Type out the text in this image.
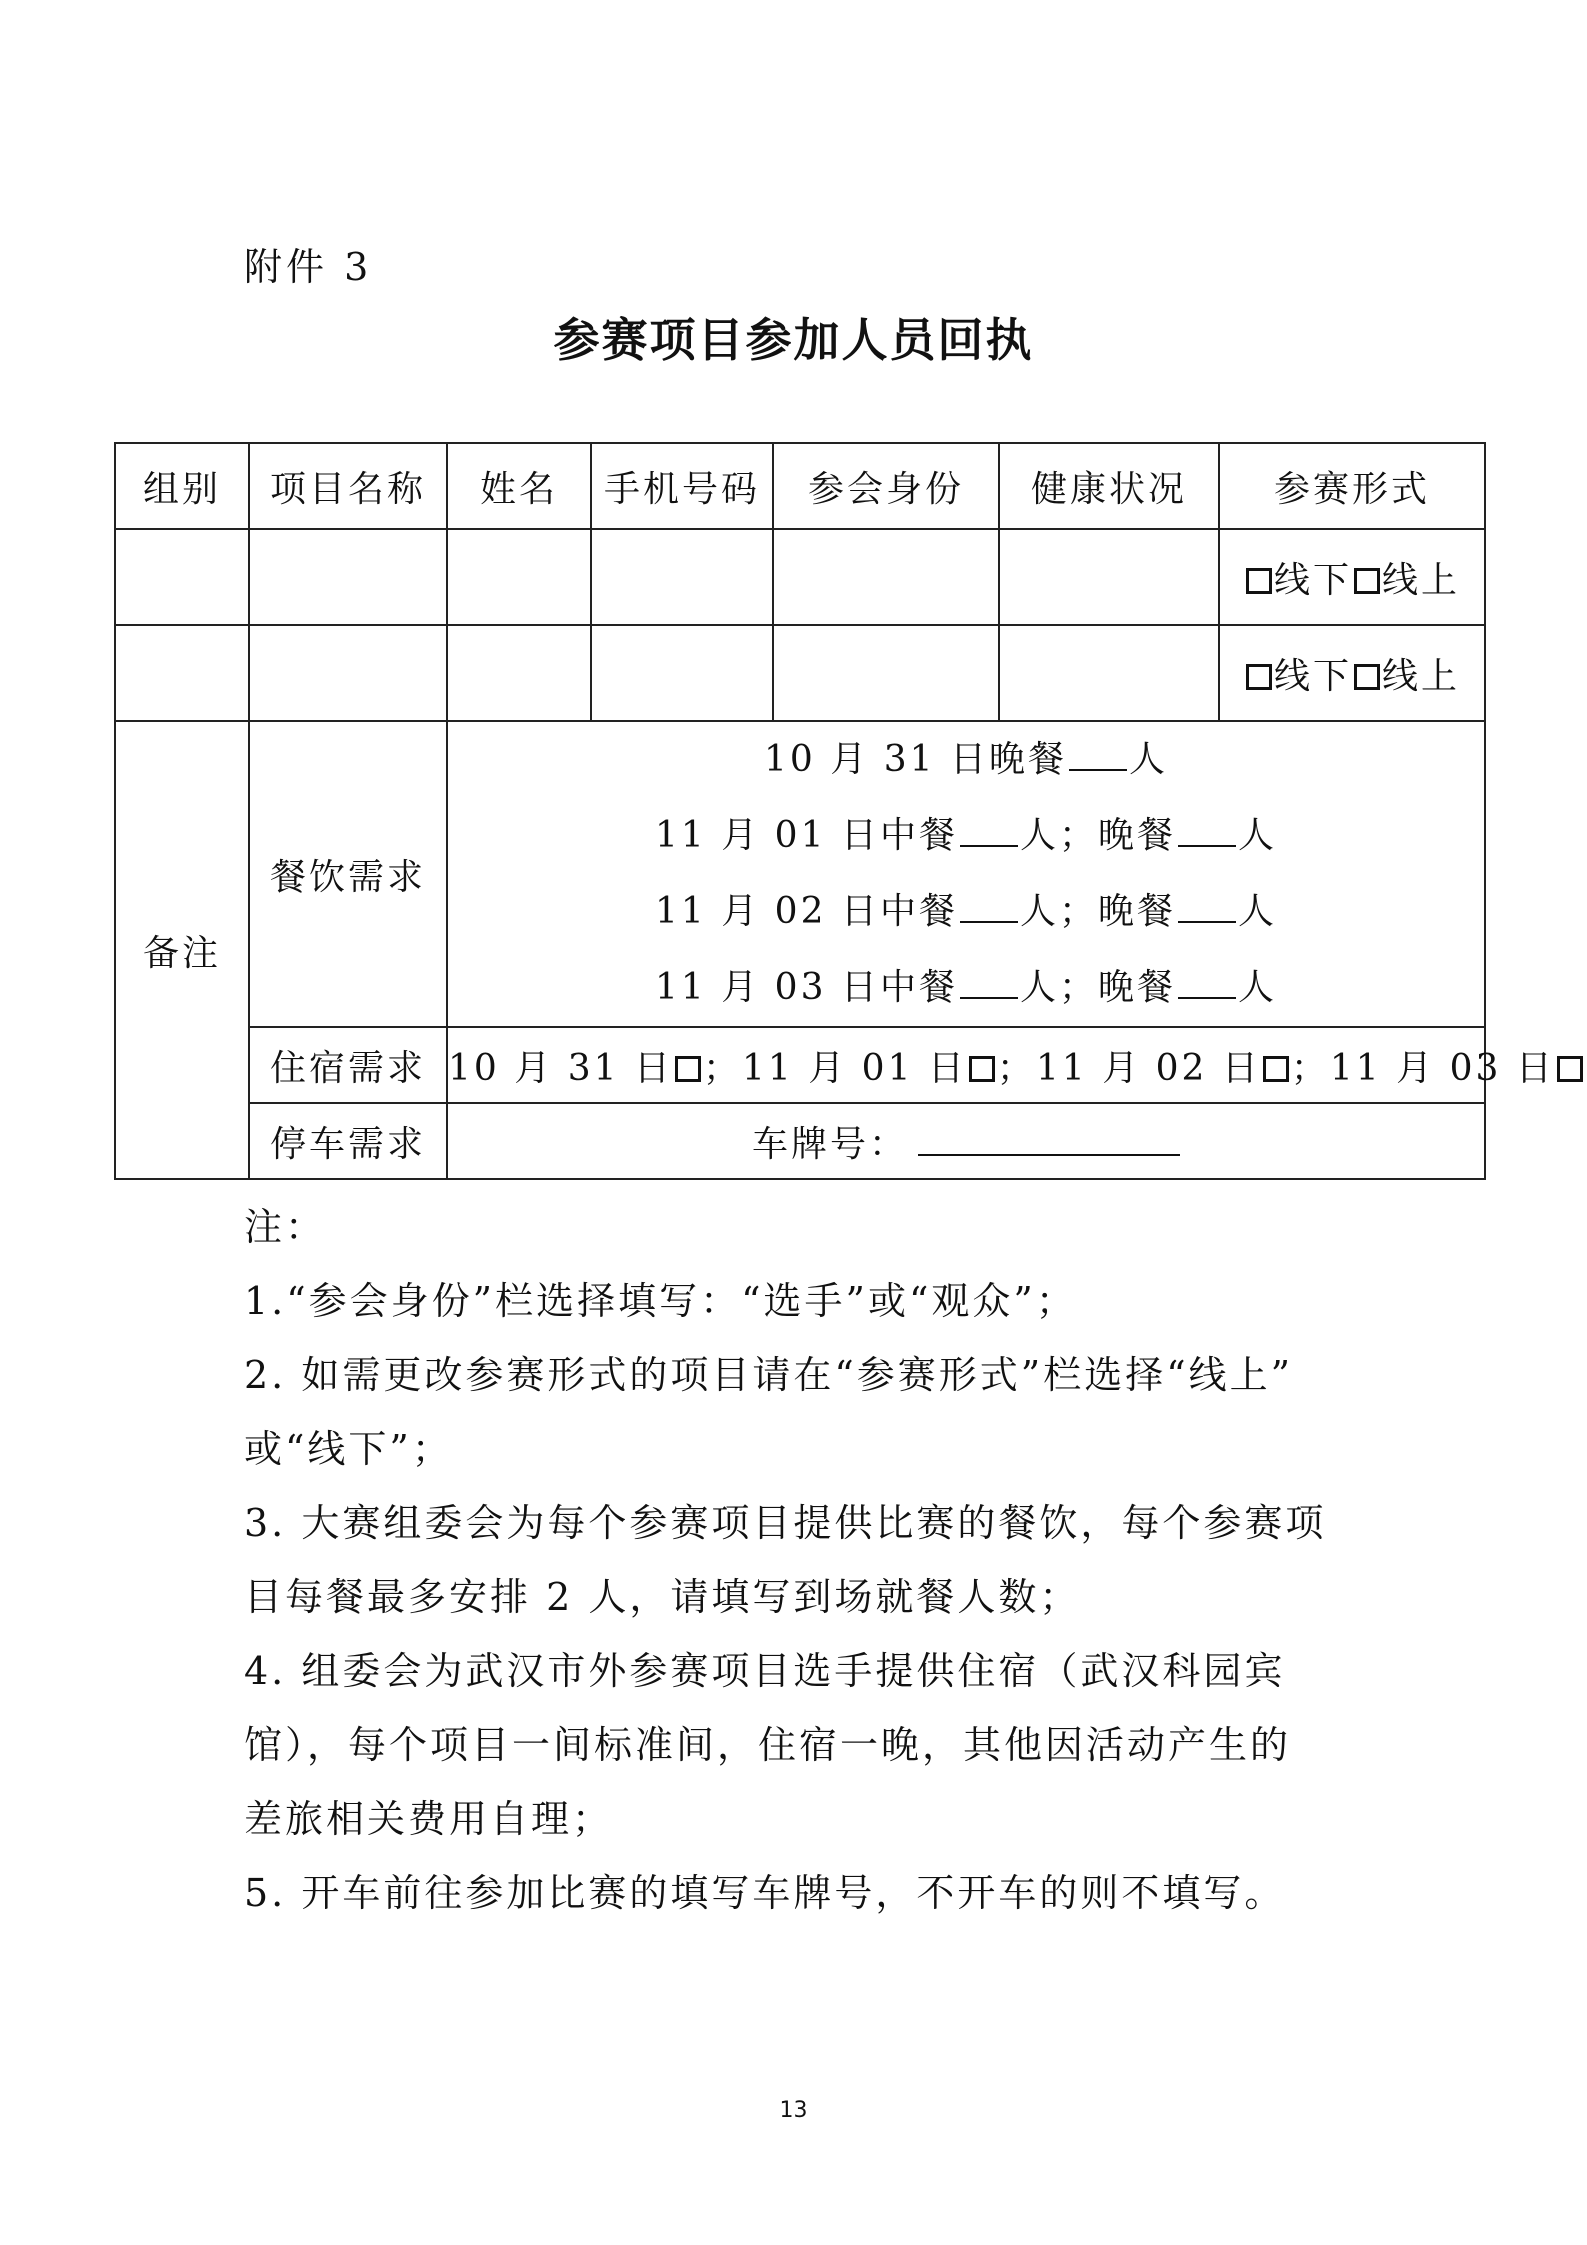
附件 3
参赛项目参加人员回执
组别	项目名称	姓名	手机号码	参会身份	健康状况	参赛形式
						线下 线上
						线下 线上
备注	餐饮需求	10 月 31 日晚餐 人
11 月 01 日中餐 人；晚餐 人
11 月 02 日中餐 人；晚餐 人
11 月 03 日中餐 人；晚餐 人				

	住宿需求	10 月 31 日 ；11 月 01 日 ；11 月 02 日 ；11 月 03 日				
	停车需求	车牌号：				

注：

1.“参会身份”栏选择填写：“选手”或“观众”；

2. 如需更改参赛形式的项目请在“参赛形式”栏选择“线上”

或“线下”；

3. 大赛组委会为每个参赛项目提供比赛的餐饮，每个参赛项

目每餐最多安排 2 人，请填写到场就餐人数；

4. 组委会为武汉市外参赛项目选手提供住宿（武汉科园宾

馆），每个项目一间标准间，住宿一晚，其他因活动产生的

差旅相关费用自理；

5. 开车前往参加比赛的填写车牌号，不开车的则不填写。

13
